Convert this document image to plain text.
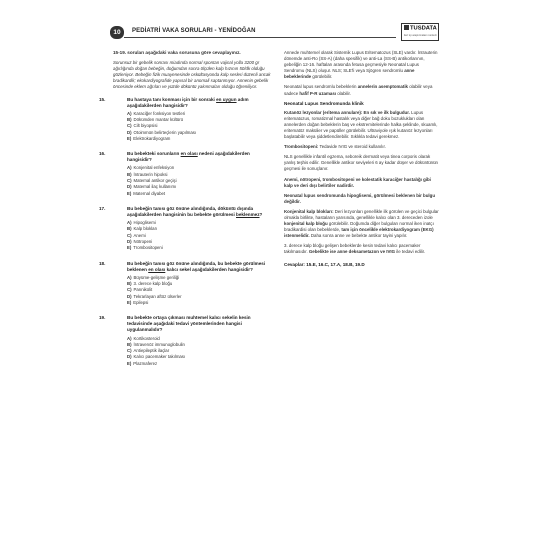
10	PEDİATRİ VAKA SORULARI - YENİDOĞAN	TUSDATA
ileri tıp araştırmaları merkezi
15-19. soruları aşağıdaki vaka sorusuna göre cevaplayınız.
Sorunsuz bir gebelik sonrası miadında normal spontan vajinal yolla 3200 gr ağırlığında doğan bebeğin, doğumdan sonra ölçülen kalp hızının 50/dk olduğu gözleniyor. Bebeğin fizik muayenesinde oskültasyonda kalp sesleri düzenli ancak bradikardik; ekokardiyografide yapısal bir anomali saptanmıyor. Annenin gebelik öncesinde eklem ağrıları ve yüzde döküntü yakınmaları olduğu öğreniliyor.
15.	Bu hastaya tanı konması için bir sonraki en uygun adım aşağıdakilerden hangisidir?
A) Karaciğer fonksiyon testleri
B) Dökümden mantar kültürü
C) Cilt biyopsisi
D) Otoimmün belirteçlerin yapılması
E) Elektrokardiyogram
16.	Bu bebekteki sorunların en olası nedeni aşağıdakilerden hangisidir?
A) Konjenital enfeksiyon
B) İntrauterin hipoksi
C) Maternal antikor geçişi
D) Maternal ilaç kullanımı
E) Maternal diyabet
17.	Bu bebeğin tanısı göz önüne alındığında, döküntü dışında aşağıdakilerden hangisinin bu bebekte görülmesi beklenmez?
A) Hipoglisemi
B) Kalp blokları
C) Anemi
D) Nötropeni
E) Trombositopeni
18.	Bu bebeğin tanısı göz önüne alındığında, bu bebekte görülmesi beklenen en olası kalıcı sekel aşağıdakilerden hangisidir?
A) Büyüme-gelişme geriliği
B) 3. derece kalp bloğu
C) Pannikülit
D) Tekrarlayan aftöz ülserler
E) Epilepsi
19.	Bu bebekte ortaya çıkması muhtemel kalıcı sekelin kesin tedavisinde aşağıdaki tedavi yöntemlerinden hangisi uygulanmalıdır?
A) Kortikosteroid
B) İntravenöz immunoglobulin
C) Antiepileptik ilaçlar
D) Kalıcı pacemaker takılması
E) Plazmaferez
Annede muhtemel olarak Sistemik Lupus Eritematozus (SLE) vardır. İntrauterin dönemde anti-Ro (SS-A) (daha spesifik) ve anti-La (SS-B) antikorlarının, gebeliğin 12-16. haftaları arasında fetusa geçmesiyle Neonatal Lupus Sendromu (NLS) oluşur. NLS; SLE'li veya Sjögren sendromlu anne bebeklerinde görülebilir.
Neonatal lupus sendromlu bebeklerin annelerin asemptomatik olabilir veya sadece hafif P-R uzaması olabilir.
Neonatal Lupus Sendromunda klinik
Kutanöz lezyonlar (eritema annulare): En sık ve ilk bulgudur. Lupus eritematozus, romatizmal hastalık veya diğer bağ doku bozuklukları olan annelerden doğan bebeklerin baş ve ekstremitelerinde halka şeklinde, skuamlı, eritematöz makülier ve papüller görülebilir. Ultraviyole ışık kutanöz lezyonları başlatabilir veya şiddetlendirebilir. Sıklıkla tedavi gerekmez.
Trombositopeni: Tedavide IVIG ve steroid kullanılır.
NLS genellikle infantil egzema, seboreik dermatit veya tinea corporis olarak yanlış teşhis edilir. Genellikle antikor seviyeleri 6 ay kadar düşer ve döküntünün geçmesi ile sonuçlanır.
Anemi, nötropeni, trombositopeni ve kolestatik karaciğer hastalığı gibi kalp ve deri dışı belirtiler nadirdir.
Neonatal lupus sendromunda hipoglisemi, görülmesi beklenen bir bulgu değildir.
Konjenital kalp blokları: Deri lezyonları genellikle ilk görülen ve geçici bulgular olmakla birlikte, hastaların yarısında, genellikle kalıcı olan 3. dereceden izole konjenital kalp bloğu görülebilir. Doğumda diğer bulguları normal iken inatçı bradikardisi olan bebeklerde, tam için öncelikle elektrokardiyogram (EKG) istenmelidir. Daha sonra anne ve bebekte antikor tayini yapılır.
3. derece kalp bloğu gelişen bebeklerde kesin tedavi kalıcı pacemaker takılmasıdır. Gebelikte ise anne deksametazon ve IVIG ile tedavi edilir.
Cevaplar: 15.E, 16.C, 17.A, 18.B, 19.D
